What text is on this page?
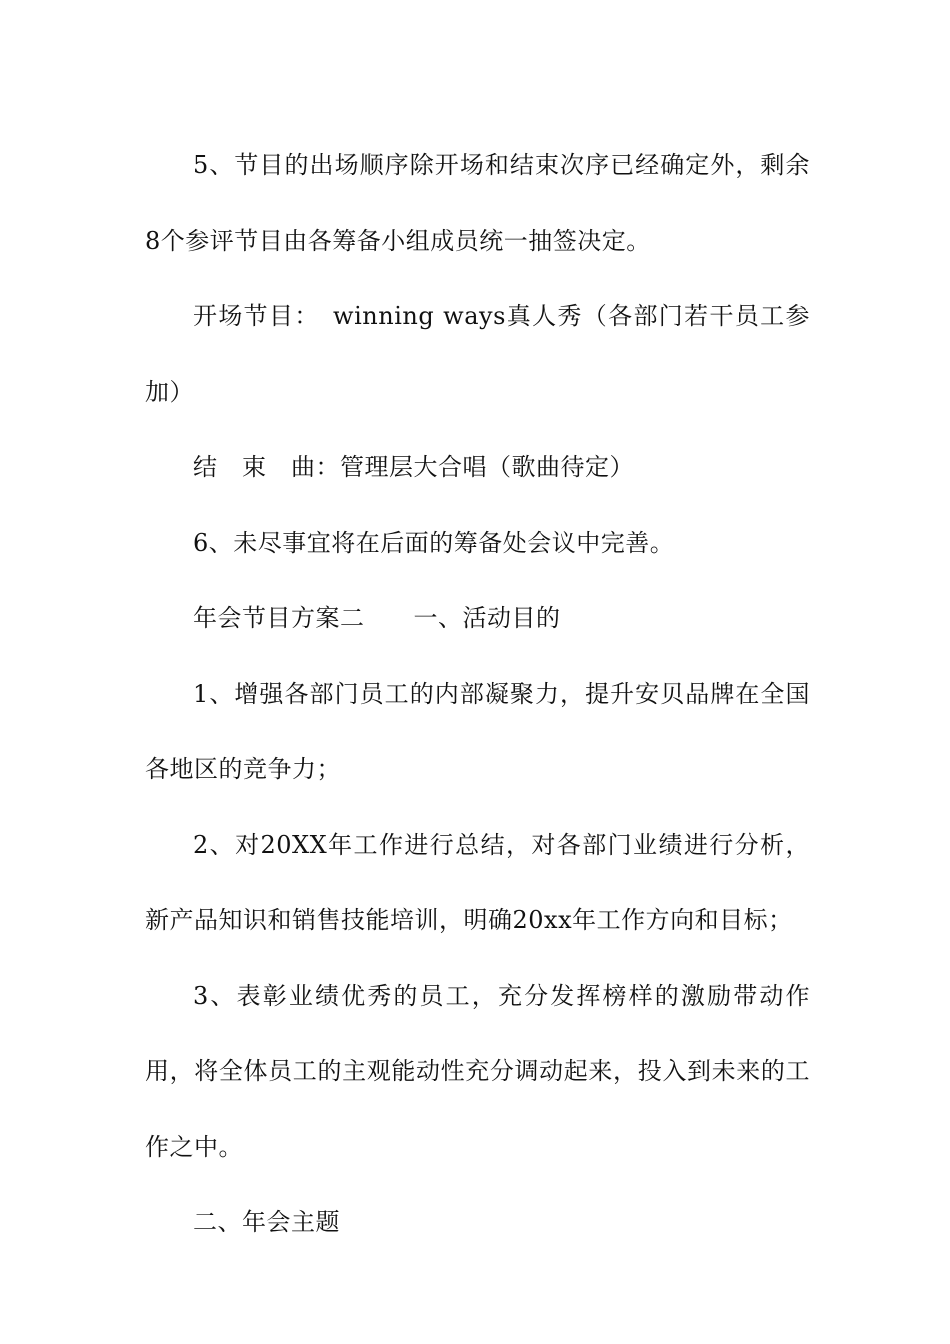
5、节目的出场顺序除开场和结束次序已经确定外，剩余8个参评节目由各筹备小组成员统一抽签决定。

开场节目：　winning ways真人秀（各部门若干员工参加）

结　束　曲：管理层大合唱（歌曲待定）

6、未尽事宜将在后面的筹备处会议中完善。

年会节目方案二　　一、活动目的

1、增强各部门员工的内部凝聚力，提升安贝品牌在全国各地区的竞争力；

2、对20XX年工作进行总结，对各部门业绩进行分析，新产品知识和销售技能培训，明确20xx年工作方向和目标；

3、表彰业绩优秀的员工，充分发挥榜样的激励带动作用，将全体员工的主观能动性充分调动起来，投入到未来的工作之中。

二、年会主题
